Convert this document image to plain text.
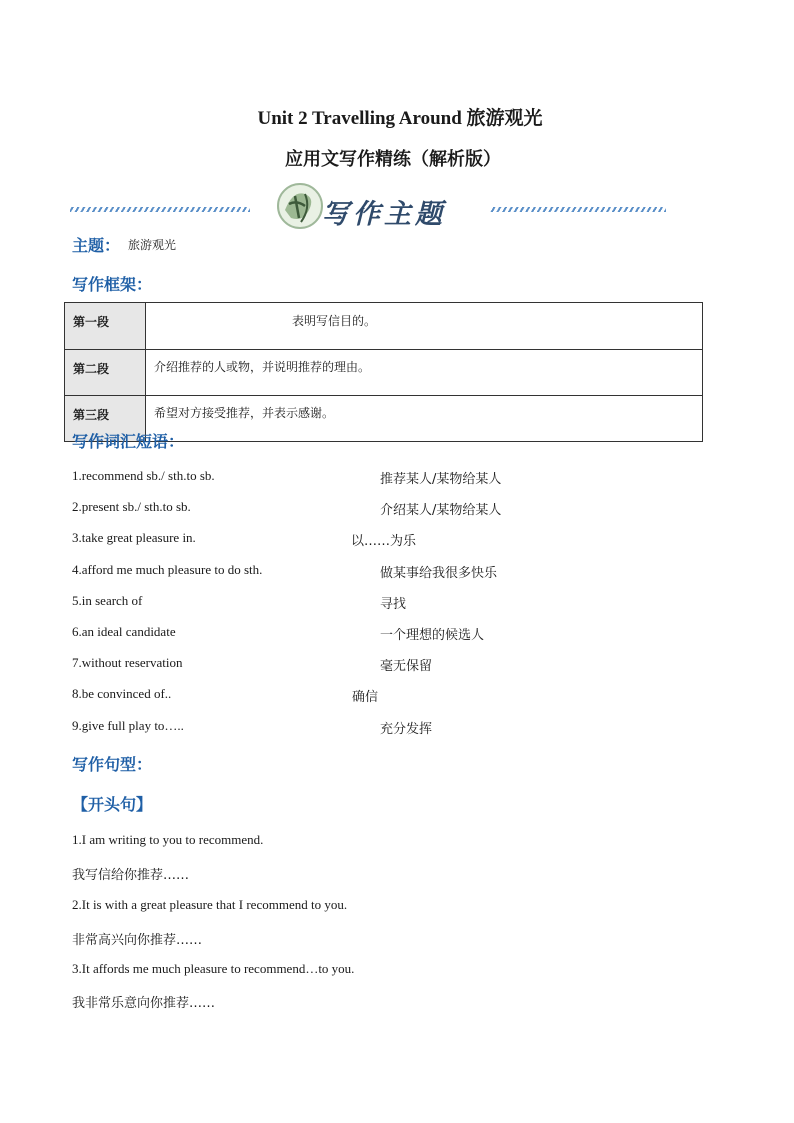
Unit 2 Travelling Around 旅游观光
应用文写作精练（解析版）
写作主题
主题： 旅游观光
写作框架：
第一段	表明写信目的。
第二段	介绍推荐的人或物，并说明推荐的理由。
第三段	希望对方接受推荐，并表示感谢。
写作词汇短语：
1.recommend sb./ sth.to sb.	推荐某人/某物给某人
2.present sb./ sth.to sb.	介绍某人/某物给某人
3.take great pleasure in.	以……为乐
4.afford me much pleasure to do sth.	做某事给我很多快乐
5.in search of	寻找
6.an ideal candidate	一个理想的候选人
7.without reservation	毫无保留
8.be convinced of..	确信
9.give full play to…..	充分发挥
写作句型：
【开头句】
1.I am writing to you to recommend.
我写信给你推荐……
2.It is with a great pleasure that I recommend to you.
非常高兴向你推荐……
3.It affords me much pleasure to recommend…to you.
我非常乐意向你推荐……
